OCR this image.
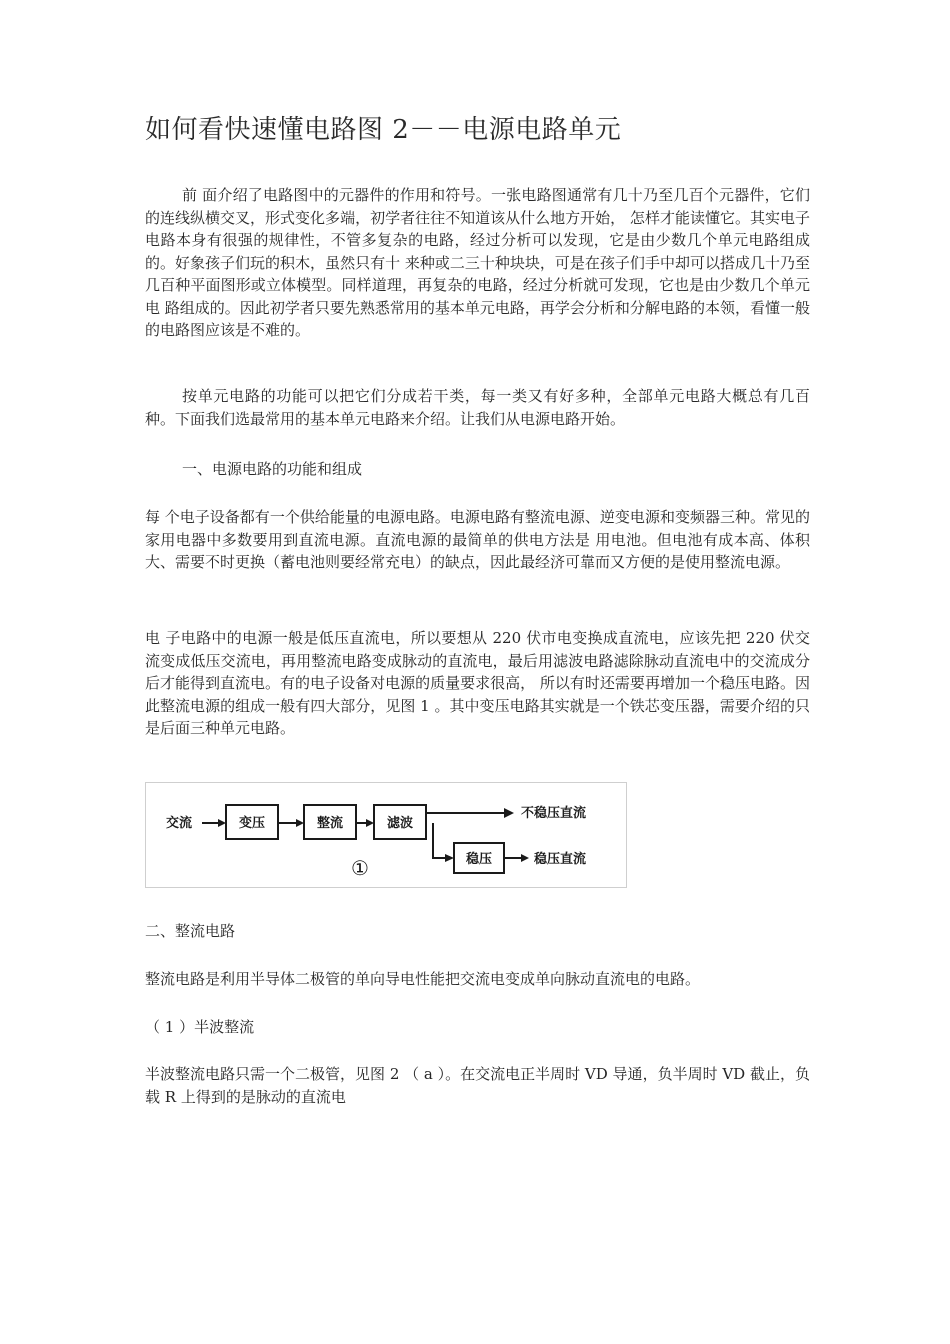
如何看快速懂电路图 2－－电源电路单元
前 面介绍了电路图中的元器件的作用和符号。一张电路图通常有几十乃至几百个元器件，它们的连线纵横交叉，形式变化多端，初学者往往不知道该从什么地方开始， 怎样才能读懂它。其实电子电路本身有很强的规律性，不管多复杂的电路，经过分析可以发现，它是由少数几个单元电路组成的。好象孩子们玩的积木，虽然只有十 来种或二三十种块块，可是在孩子们手中却可以搭成几十乃至几百种平面图形或立体模型。同样道理，再复杂的电路，经过分析就可发现，它也是由少数几个单元电 路组成的。因此初学者只要先熟悉常用的基本单元电路，再学会分析和分解电路的本领，看懂一般的电路图应该是不难的。
按单元电路的功能可以把它们分成若干类，每一类又有好多种，全部单元电路大概总有几百种。下面我们选最常用的基本单元电路来介绍。让我们从电源电路开始。
一、电源电路的功能和组成
每 个电子设备都有一个供给能量的电源电路。电源电路有整流电源、逆变电源和变频器三种。常见的家用电器中多数要用到直流电源。直流电源的最简单的供电方法是 用电池。但电池有成本高、体积大、需要不时更换（蓄电池则要经常充电）的缺点，因此最经济可靠而又方便的是使用整流电源。
电 子电路中的电源一般是低压直流电，所以要想从 220 伏市电变换成直流电，应该先把 220 伏交流变成低压交流电，再用整流电路变成脉动的直流电，最后用滤波电路滤除脉动直流电中的交流成分后才能得到直流电。有的电子设备对电源的质量要求很高， 所以有时还需要再增加一个稳压电路。因此整流电源的组成一般有四大部分，见图 1 。其中变压电路其实就是一个铁芯变压器，需要介绍的只是后面三种单元电路。
交流	变压	整流	滤波
不稳压直流
稳压	稳压直流
①
二、整流电路
整流电路是利用半导体二极管的单向导电性能把交流电变成单向脉动直流电的电路。
（ 1 ）半波整流
半波整流电路只需一个二极管，见图 2 （ a ）。在交流电正半周时 VD 导通，负半周时 VD 截止，负载 R 上得到的是脉动的直流电
